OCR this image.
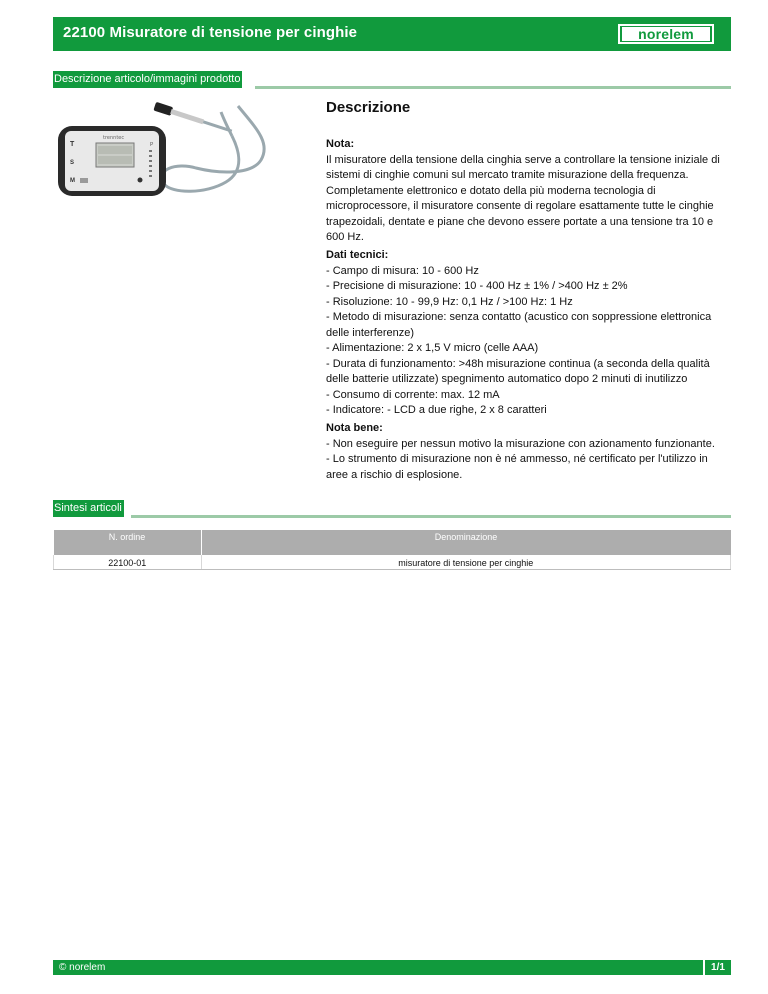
22100 Misuratore di tensione per cinghie	norelem
Descrizione articolo/immagini prodotto
trenntec
T
S
M
P
Descrizione

Nota:

Il misuratore della tensione della cinghia serve a controllare la tensione iniziale di sistemi di cinghie comuni sul mercato tramite misurazione della frequenza. Completamente elettronico e dotato della più moderna tecnologia di microprocessore, il misuratore consente di regolare esattamente tutte le cinghie trapezoidali, dentate e piane che devono essere portate a una tensione tra 10 e 600 Hz.

Dati tecnici:

- Campo di misura: 10 - 600 Hz

- Precisione di misurazione: 10 - 400 Hz ± 1% / >400 Hz ± 2%

- Risoluzione: 10 - 99,9 Hz: 0,1 Hz / >100 Hz: 1 Hz

- Metodo di misurazione: senza contatto (acustico con soppressione elettronica delle interferenze)

- Alimentazione: 2 x 1,5 V micro (celle AAA)

- Durata di funzionamento: >48h misurazione continua (a seconda della qualità delle batterie utilizzate) spegnimento automatico dopo 2 minuti di inutilizzo

- Consumo di corrente: max. 12 mA

- Indicatore: - LCD a due righe, 2 x 8 caratteri

Nota bene:

- Non eseguire per nessun motivo la misurazione con azionamento funzionante.

- Lo strumento di misurazione non è né ammesso, né certificato per l'utilizzo in aree a rischio di esplosione.

Sintesi articoli
N. ordine	Denominazione
22100-01	misuratore di tensione per cinghie
© norelem	1/1
